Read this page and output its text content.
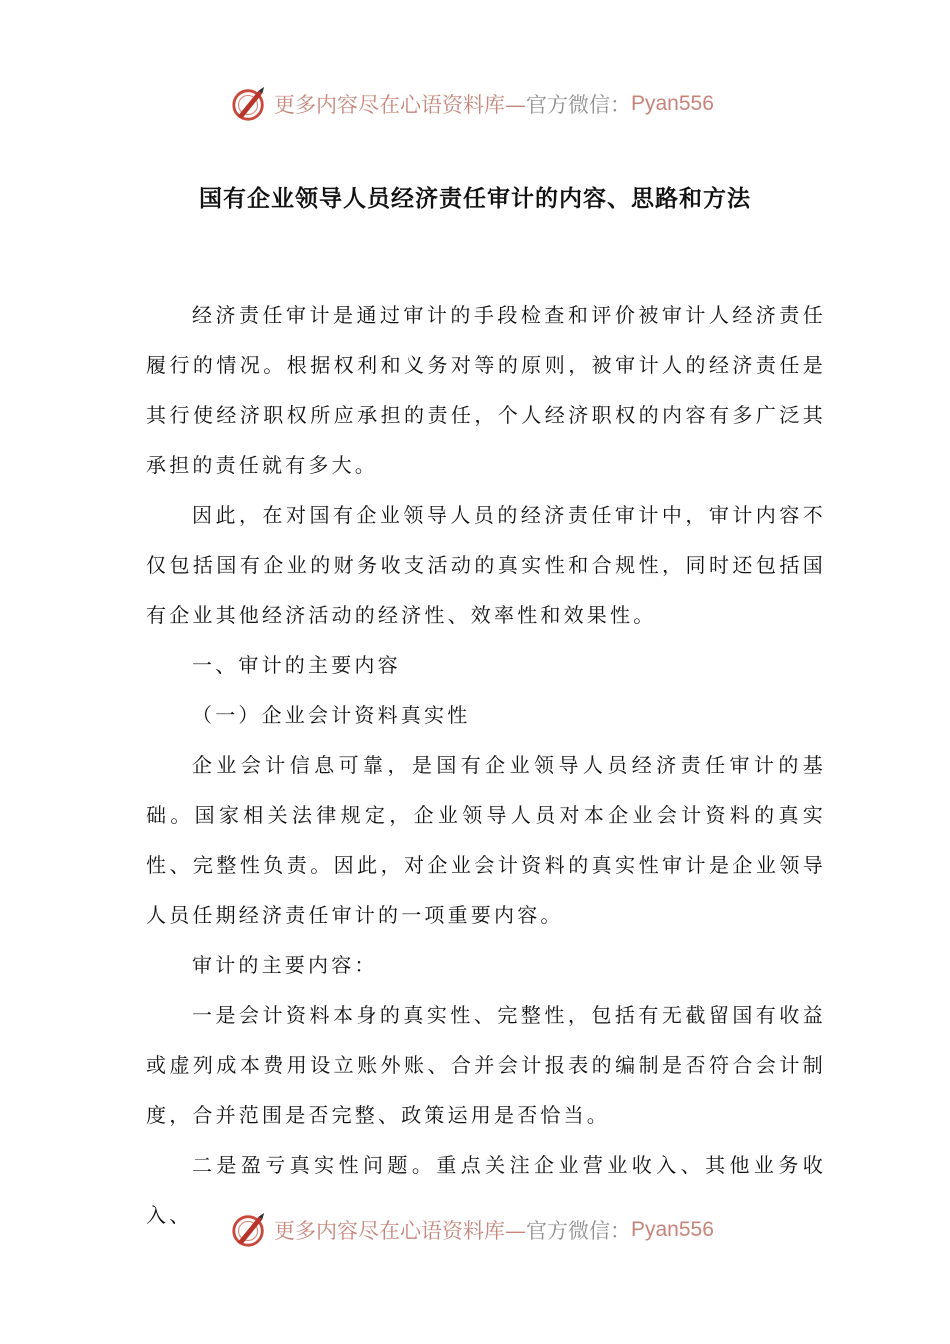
更多内容尽在心语资料库— 官方微信： Pyan556
国有企业领导人员经济责任审计的内容、思路和方法

经济责任审计是通过审计的手段检查和评价被审计人经济责任履行的情况。根据权利和义务对等的原则，被审计人的经济责任是其行使经济职权所应承担的责任，个人经济职权的内容有多广泛其承担的责任就有多大。

因此，在对国有企业领导人员的经济责任审计中，审计内容不仅包括国有企业的财务收支活动的真实性和合规性，同时还包括国有企业其他经济活动的经济性、效率性和效果性。

一、审计的主要内容

（一）企业会计资料真实性

企业会计信息可靠，是国有企业领导人员经济责任审计的基础。国家相关法律规定，企业领导人员对本企业会计资料的真实性、完整性负责。因此，对企业会计资料的真实性审计是企业领导人员任期经济责任审计的一项重要内容。

审计的主要内容：

一是会计资料本身的真实性、完整性，包括有无截留国有收益或虚列成本费用设立账外账、合并会计报表的编制是否符合会计制度，合并范围是否完整、政策运用是否恰当。

二是盈亏真实性问题。重点关注企业营业收入、其他业务收入、

更多内容尽在心语资料库— 官方微信： Pyan556
